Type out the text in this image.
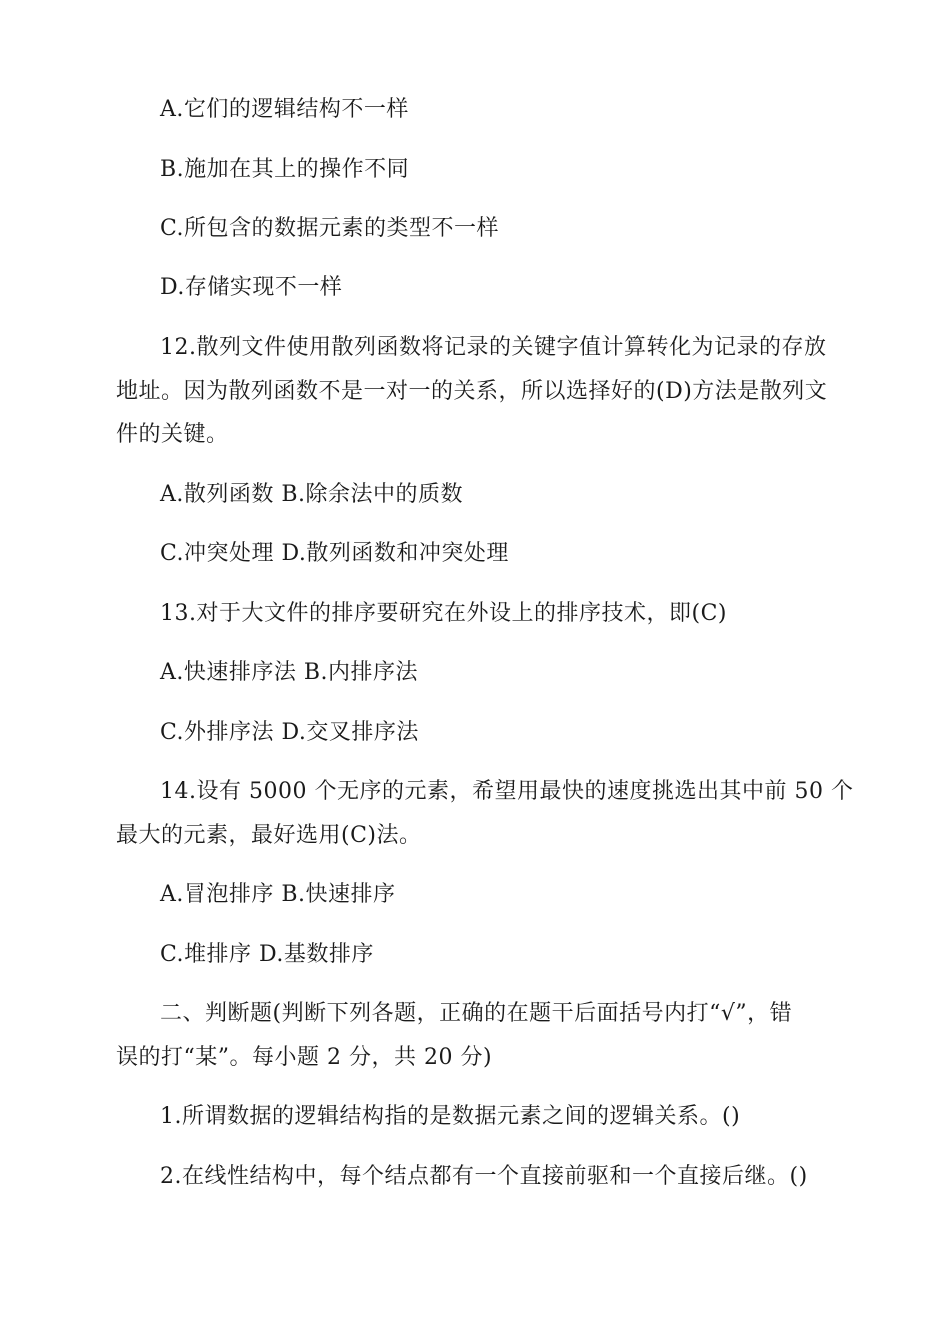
A.它们的逻辑结构不一样
B.施加在其上的操作不同
C.所包含的数据元素的类型不一样
D.存储实现不一样
12.散列文件使用散列函数将记录的关键字值计算转化为记录的存放
地址。因为散列函数不是一对一的关系，所以选择好的(D)方法是散列文
件的关键。
A.散列函数 B.除余法中的质数
C.冲突处理 D.散列函数和冲突处理
13.对于大文件的排序要研究在外设上的排序技术，即(C)
A.快速排序法 B.内排序法
C.外排序法 D.交叉排序法
14.设有 5000 个无序的元素，希望用最快的速度挑选出其中前 50 个
最大的元素，最好选用(C)法。
A.冒泡排序 B.快速排序
C.堆排序 D.基数排序
二、判断题(判断下列各题，正确的在题干后面括号内打“√”，错
误的打“某”。每小题 2 分，共 20 分)
1.所谓数据的逻辑结构指的是数据元素之间的逻辑关系。()
2.在线性结构中，每个结点都有一个直接前驱和一个直接后继。()
